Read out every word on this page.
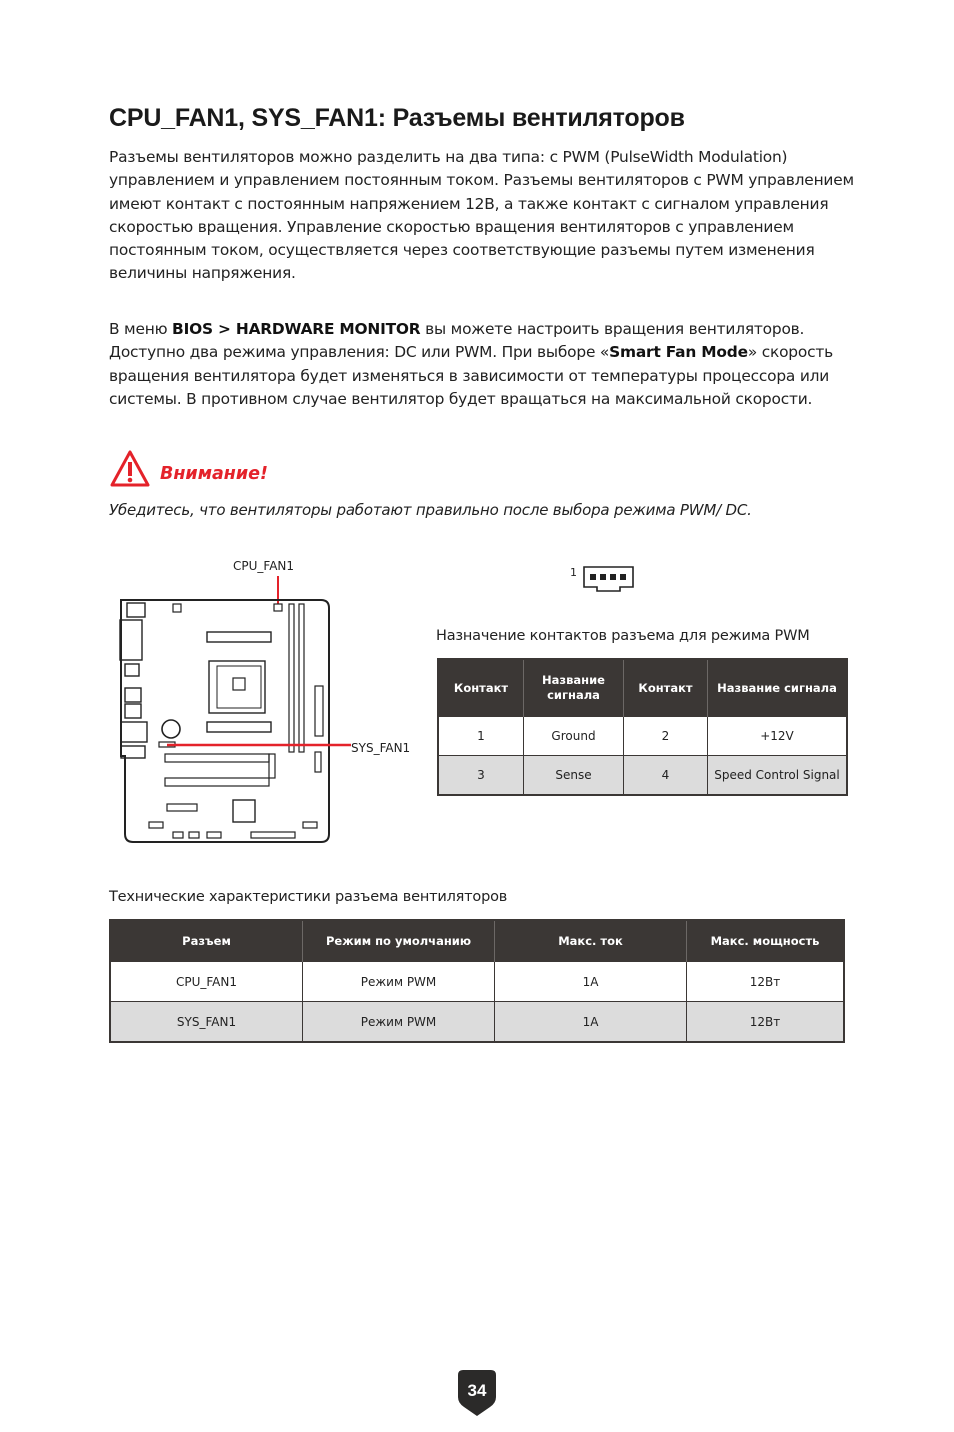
CPU_FAN1, SYS_FAN1: Разъемы вентиляторов

Разъемы вентиляторов можно разделить на два типа: с PWM (PulseWidth Modulation) управлением и управлением постоянным током. Разъемы вентиляторов с PWM управлением имеют контакт с постоянным напряжением 12В, а также контакт с сигналом управления скоростью вращения. Управление скоростью вращения вентиляторов с управлением постоянным током, осуществляется через соответствующие разъемы путем изменения величины напряжения.

В меню BIOS > HARDWARE MONITOR вы можете настроить вращения вентиляторов. Доступно два режима управления: DC или PWM. При выборе «Smart Fan Mode» скорость вращения вентилятора будет изменяться в зависимости от температуры процессора или системы. В противном случае вентилятор будет вращаться на максимальной скорости.

Внимание!
Убедитесь, что вентиляторы работают правильно после выбора режима PWM/ DC.
CPU_FAN1
SYS_FAN1
1
Назначение контактов разъема для режима PWM
Контакт	Название сигнала	Контакт	Название сигнала
1	Ground	2	+12V
3	Sense	4	Speed Control Signal
Технические характеристики разъема вентиляторов
Разъем	Режим по умолчанию	Макс. ток	Макс. мощность
CPU_FAN1	Режим PWM	1A	12Вт
SYS_FAN1	Режим PWM	1A	12Вт
34
